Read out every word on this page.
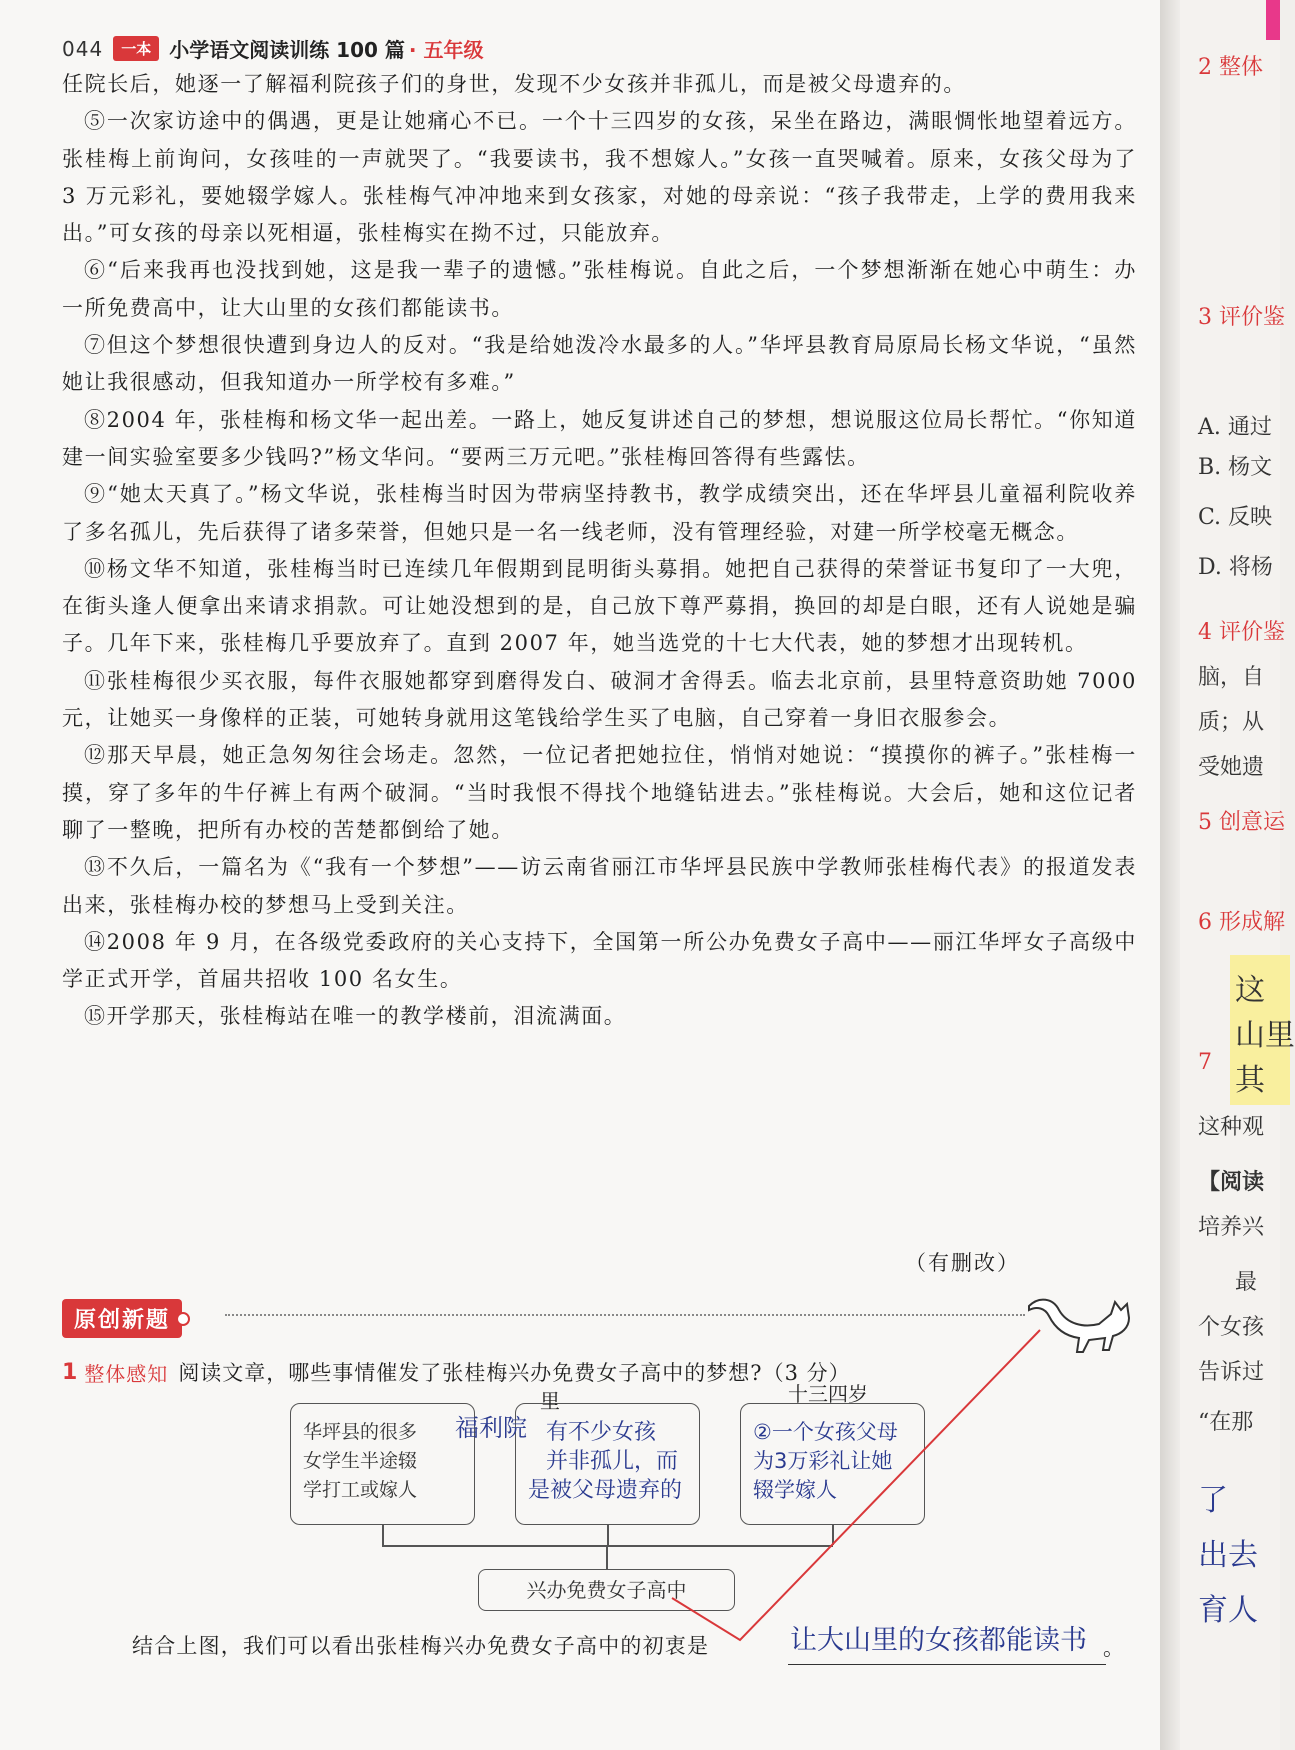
044	一本 小学语文阅读训练 100 篇 · 五年级

任院长后，她逐一了解福利院孩子们的身世，发现不少女孩并非孤儿，而是被父母遗弃的。

⑤一次家访途中的偶遇，更是让她痛心不已。一个十三四岁的女孩，呆坐在路边，满眼惆怅地望着远方。张桂梅上前询问，女孩哇的一声就哭了。“我要读书，我不想嫁人。”女孩一直哭喊着。原来，女孩父母为了 3 万元彩礼，要她辍学嫁人。张桂梅气冲冲地来到女孩家，对她的母亲说：“孩子我带走，上学的费用我来出。”可女孩的母亲以死相逼，张桂梅实在拗不过，只能放弃。

⑥“后来我再也没找到她，这是我一辈子的遗憾。”张桂梅说。自此之后，一个梦想渐渐在她心中萌生：办一所免费高中，让大山里的女孩们都能读书。

⑦但这个梦想很快遭到身边人的反对。“我是给她泼冷水最多的人。”华坪县教育局原局长杨文华说，“虽然她让我很感动，但我知道办一所学校有多难。”

⑧2004 年，张桂梅和杨文华一起出差。一路上，她反复讲述自己的梦想，想说服这位局长帮忙。“你知道建一间实验室要多少钱吗?”杨文华问。“要两三万元吧。”张桂梅回答得有些露怯。

⑨“她太天真了。”杨文华说，张桂梅当时因为带病坚持教书，教学成绩突出，还在华坪县儿童福利院收养了多名孤儿，先后获得了诸多荣誉，但她只是一名一线老师，没有管理经验，对建一所学校毫无概念。

⑩杨文华不知道，张桂梅当时已连续几年假期到昆明街头募捐。她把自己获得的荣誉证书复印了一大兜，在街头逢人便拿出来请求捐款。可让她没想到的是，自己放下尊严募捐，换回的却是白眼，还有人说她是骗子。几年下来，张桂梅几乎要放弃了。直到 2007 年，她当选党的十七大代表，她的梦想才出现转机。

⑪张桂梅很少买衣服，每件衣服她都穿到磨得发白、破洞才舍得丢。临去北京前，县里特意资助她 7000 元，让她买一身像样的正装，可她转身就用这笔钱给学生买了电脑，自己穿着一身旧衣服参会。

⑫那天早晨，她正急匆匆往会场走。忽然，一位记者把她拉住，悄悄对她说：“摸摸你的裤子。”张桂梅一摸，穿了多年的牛仔裤上有两个破洞。“当时我恨不得找个地缝钻进去。”张桂梅说。大会后，她和这位记者聊了一整晚，把所有办校的苦楚都倒给了她。

⑬不久后，一篇名为《“我有一个梦想”——访云南省丽江市华坪县民族中学教师张桂梅代表》的报道发表出来，张桂梅办校的梦想马上受到关注。

⑭2008 年 9 月，在各级党委政府的关心支持下，全国第一所公办免费女子高中——丽江华坪女子高级中学正式开学，首届共招收 100 名女生。

⑮开学那天，张桂梅站在唯一的教学楼前，泪流满面。

（有删改）
原创新题
1 整体感知 阅读文章，哪些事情催发了张桂梅兴办免费女子高中的梦想?（3 分）
华坪县的很多
女学生半途辍
学打工或嫁人
有不少女孩
并非孤儿，而
是被父母遗弃的
②一个女孩父母
为3万彩礼让她
辍学嫁人
福利院
里	十三四岁
兴办免费女子高中
结合上图，我们可以看出张桂梅兴办免费女子高中的初衷是	让大山里的女孩都能读书 。
2 整体
3 评价鉴
A. 通过
B. 杨文
C. 反映
D. 将杨
4 评价鉴
脑，自
质；从
受她遗
5 创意运
6 形成解
这
山里
其
7
这种观
【阅读
培养兴
最
个女孩
告诉过
“在那
了
出去
育人
